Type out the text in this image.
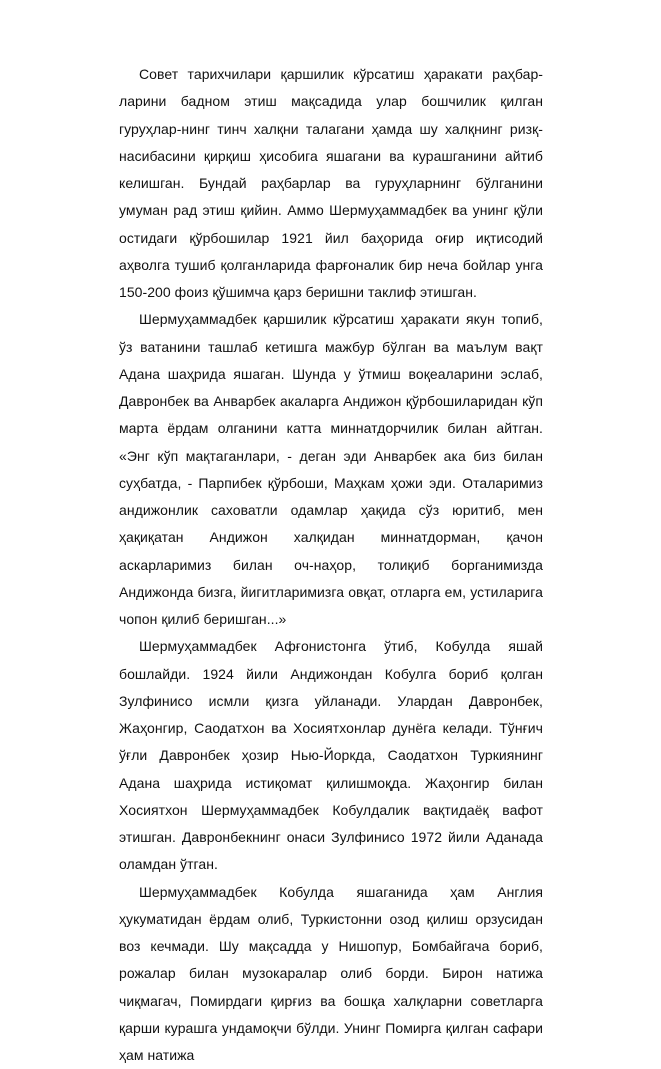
Совет тарихчилари қаршилик кўрсатиш ҳаракати раҳбар-ларини бадном этиш мақсадида улар бошчилик қилган гуруҳлар-нинг тинч халқни талагани ҳамда шу халқнинг ризқ-насибасини қирқиш ҳисобига яшагани ва курашганини айтиб келишган. Бундай раҳбарлар ва гуруҳларнинг бўлганини умуман рад этиш қийин. Аммо Шермуҳаммадбек ва унинг қўли остидаги қўрбошилар 1921 йил баҳорида оғир иқтисодий аҳволга тушиб қолганларида фарғоналик бир неча бойлар унга 150-200 фоиз қўшимча қарз беришни таклиф этишган.

Шермуҳаммадбек қаршилик кўрсатиш ҳаракати якун топиб, ўз ватанини ташлаб кетишга мажбур бўлган ва маълум вақт Адана шаҳрида яшаган. Шунда у ўтмиш воқеаларини эслаб, Давронбек ва Анварбек акаларга Андижон қўрбошиларидан кўп марта ёрдам олганини катта миннатдорчилик билан айтган. «Энг кўп мақтаганлари, - деган эди Анварбек ака биз билан суҳбатда, - Парпибек қўрбоши, Маҳкам ҳожи эди. Оталаримиз андижонлик саховатли одамлар ҳақида сўз юритиб, мен ҳақиқатан Андижон халқидан миннатдорман, қачон аскарларимиз билан оч-наҳор, толиқиб борганимизда Андижонда бизга, йигитларимизга овқат, отларга ем, устиларига чопон қилиб беришган...»

Шермуҳаммадбек Афғонистонга ўтиб, Кобулда яшай бошлайди. 1924 йили Андижондан Кобулга бориб қолган Зулфинисо исмли қизга уйланади. Улардан Давронбек, Жаҳонгир, Саодатхон ва Хосиятхонлар дунёга келади. Тўнғич ўғли Давронбек ҳозир Нью-Йоркда, Саодатхон Туркиянинг Адана шаҳрида истиқомат қилишмоқда. Жаҳонгир билан Хосиятхон Шермуҳаммадбек Кобулдалик вақтидаёқ вафот этишган. Давронбекнинг онаси Зулфинисо 1972 йили Аданада оламдан ўтган.

Шермуҳаммадбек Кобулда яшаганида ҳам Англия ҳукуматидан ёрдам олиб, Туркистонни озод қилиш орзусидан воз кечмади. Шу мақсадда у Нишопур, Бомбайгача бориб, рожалар билан музокаралар олиб борди. Бирон натижа чиқмагач, Помирдаги қирғиз ва бошқа халқларни советларга қарши курашга ундамоқчи бўлди. Унинг Помирга қилган сафари ҳам натижа
